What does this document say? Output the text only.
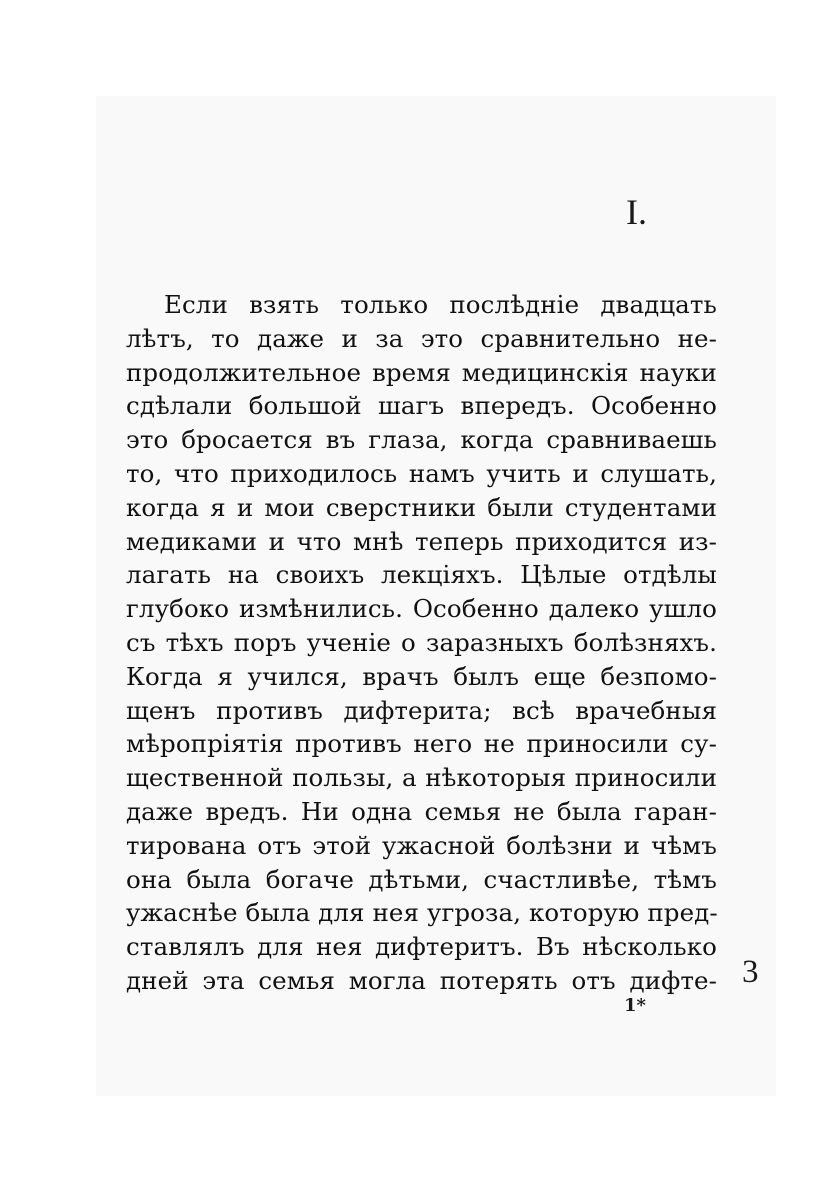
I.
Если взять только послѣдніе двадцать
лѣтъ, то даже и за это сравнительно не-
продолжительное время медицинскія науки
сдѣлали большой шагъ впередъ. Особенно
это бросается въ глаза, когда сравниваешь
то, что приходилось намъ учить и слушать,
когда я и мои сверстники были студентами
медиками и что мнѣ теперь приходится из-
лагать на своихъ лекціяхъ. Цѣлые отдѣлы
глубоко измѣнились. Особенно далеко ушло
съ тѣхъ поръ ученіе о заразныхъ болѣзняхъ.
Когда я учился, врачъ былъ еще безпомо-
щенъ противъ дифтерита; всѣ врачебныя
мѣропріятія противъ него не приносили су-
щественной пользы, а нѣкоторыя приносили
даже вредъ. Ни одна семья не была гаран-
тирована отъ этой ужасной болѣзни и чѣмъ
она была богаче дѣтьми, счастливѣе, тѣмъ
ужаснѣе была для нея угроза, которую пред-
ставлялъ для нея дифтеритъ. Въ нѣсколько
дней эта семья могла потерять отъ дифте- 3
1*
